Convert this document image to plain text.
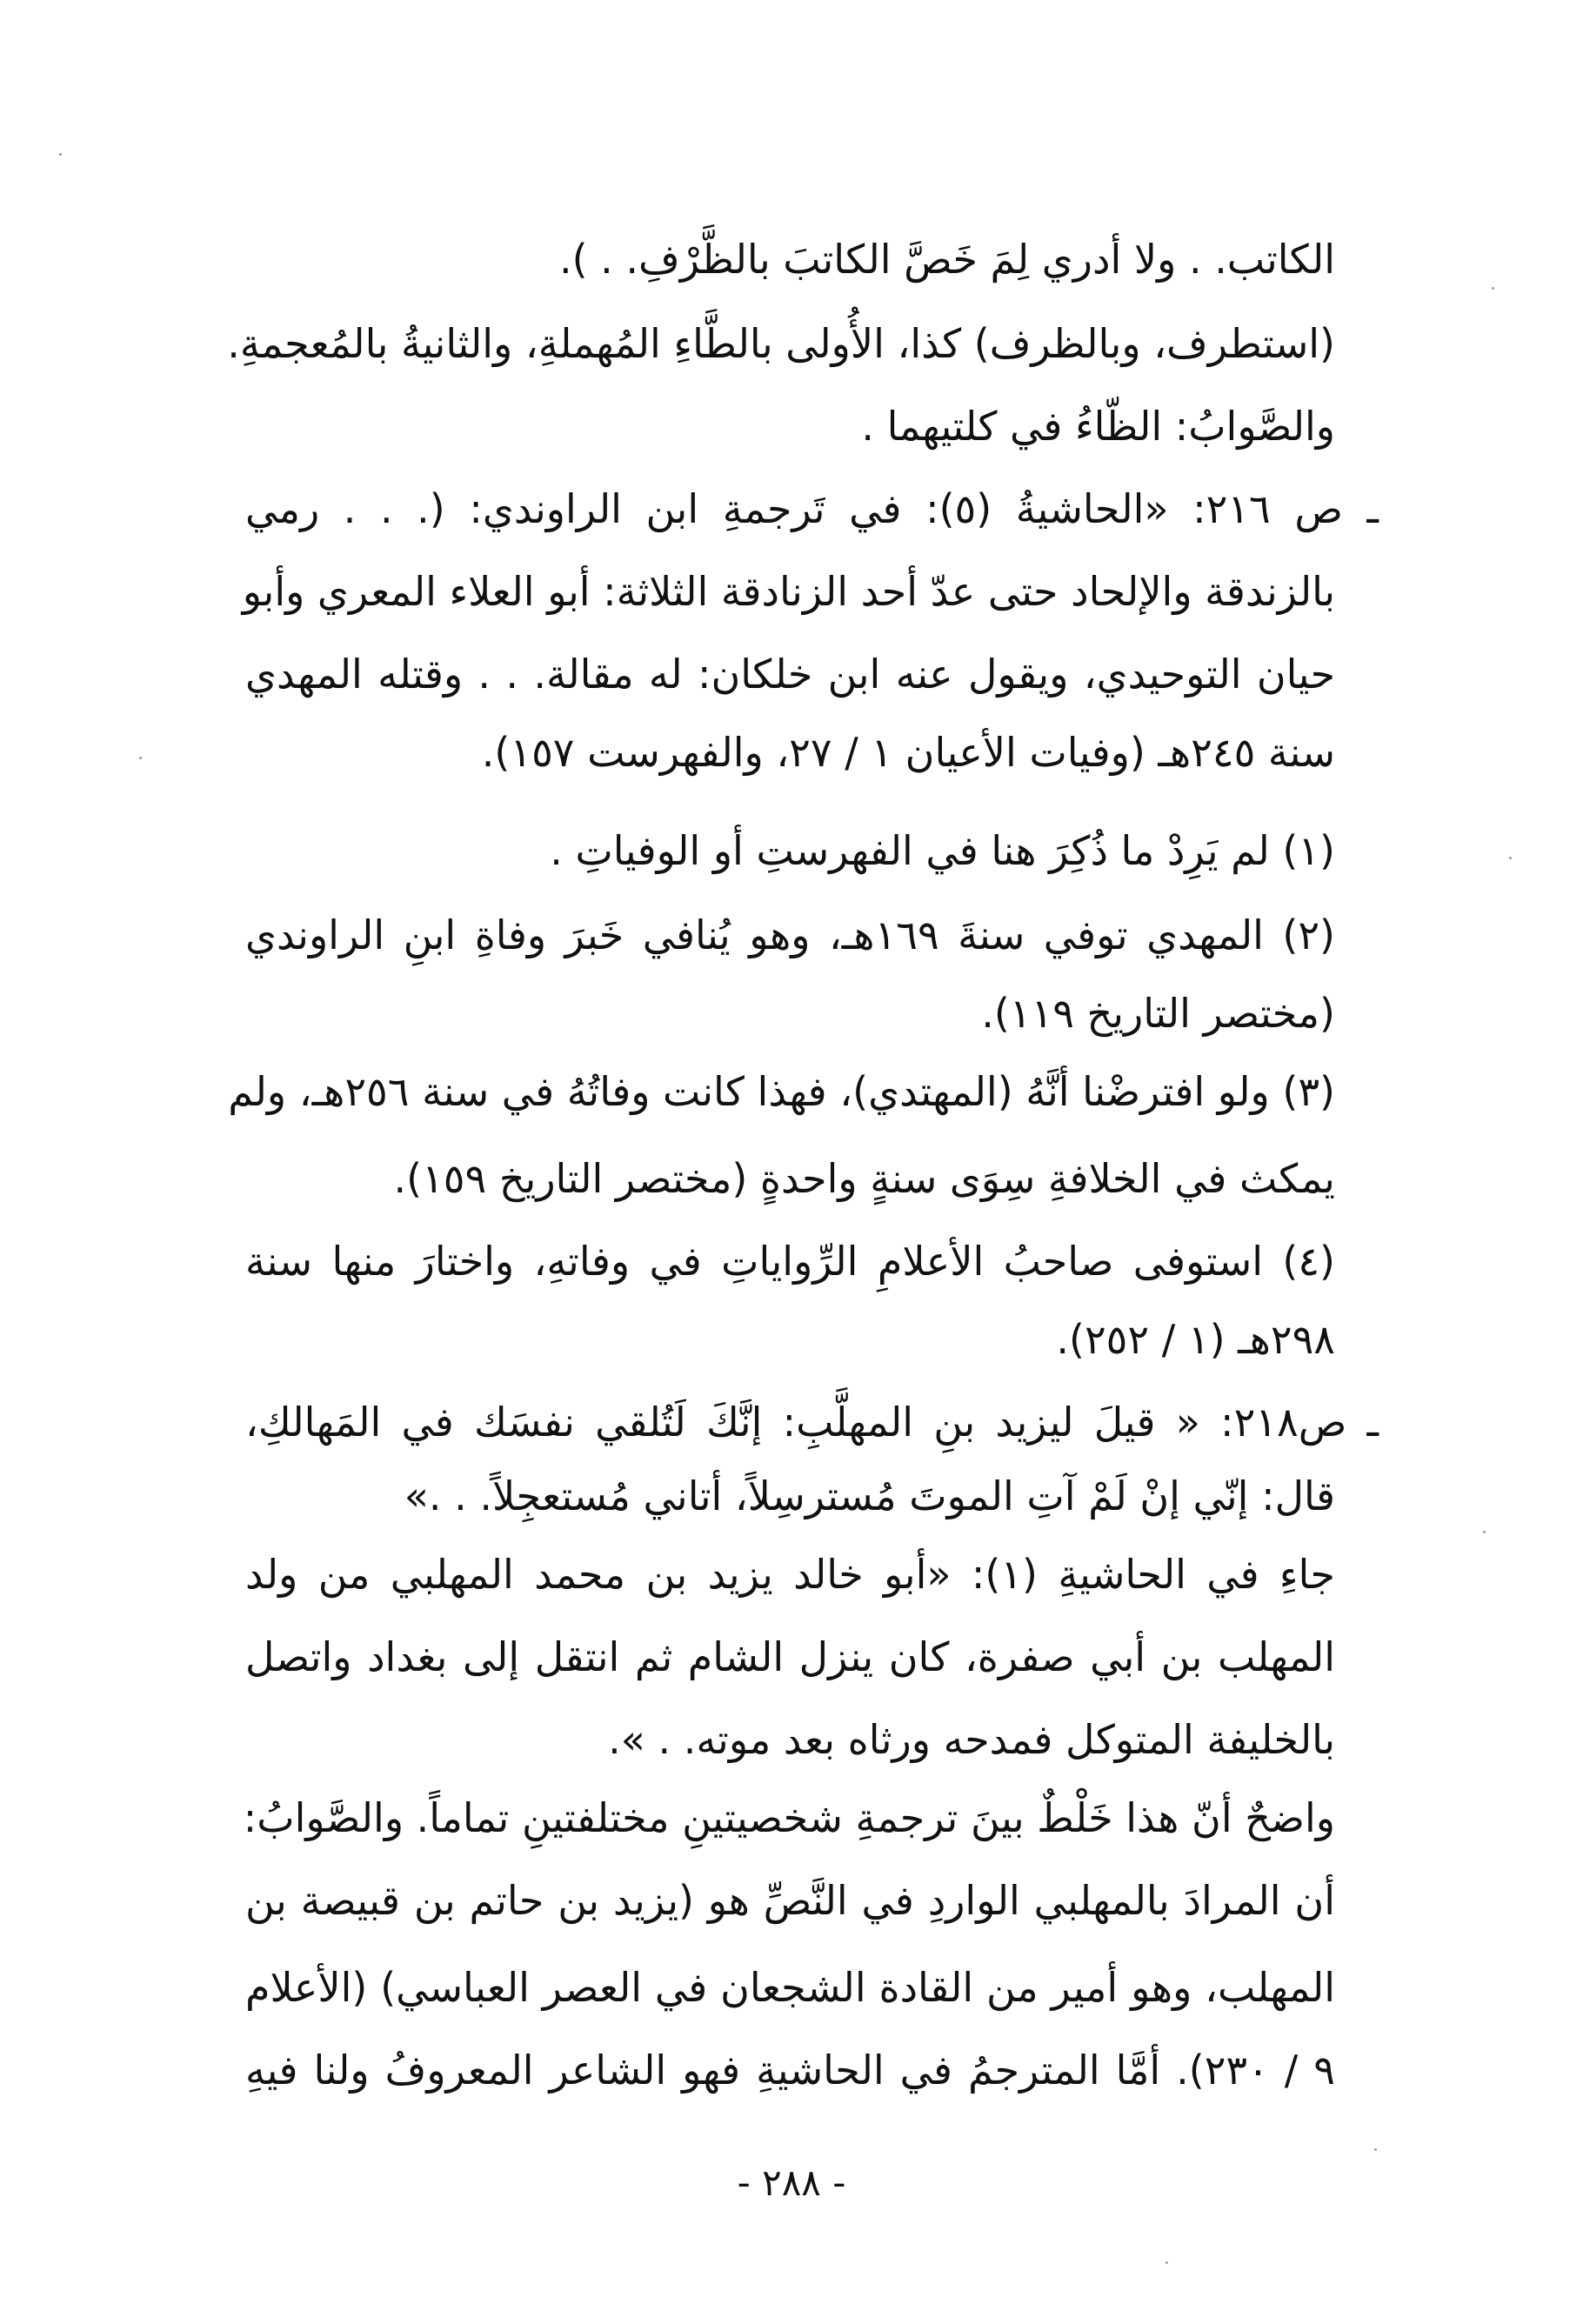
الكاتب. . ولا أدري لِمَ خَصَّ الكاتبَ بالظَّرْفِ. . ).
(استطرف، وبالظرف) كذا، الأُولى بالطَّاءِ المُهملةِ، والثانيةُ بالمُعجمةِ.
والصَّوابُ: الظّاءُ في كلتيهما .
ـ ص ٢١٦: «الحاشيةُ (٥): في تَرجمةِ ابن الراوندي: (. . . رمي
بالزندقة والإلحاد حتى عدّ أحد الزنادقة الثلاثة: أبو العلاء المعري وأبو
حيان التوحيدي، ويقول عنه ابن خلكان: له مقالة. . . وقتله المهدي
سنة ٢٤٥هـ (وفيات الأعيان ١ / ٢٧، والفهرست ١٥٧).
(١) لم يَرِدْ ما ذُكِرَ هنا في الفهرستِ أو الوفياتِ .
(٢) المهدي توفي سنةَ ١٦٩هـ، وهو يُنافي خَبرَ وفاةِ ابنِ الراوندي
(مختصر التاريخ ١١٩).
(٣) ولو افترضْنا أنَّهُ (المهتدي)، فهذا كانت وفاتُهُ في سنة ٢٥٦هـ، ولم
يمكث في الخلافةِ سِوَى سنةٍ واحدةٍ (مختصر التاريخ ١٥٩).
(٤) استوفى صاحبُ الأعلامِ الرِّواياتِ في وفاتهِ، واختارَ منها سنة
٢٩٨هـ (١ / ٢٥٢).
ـ ص٢١٨: « قيلَ ليزيد بنِ المهلَّبِ: إنَّكَ لَتُلقي نفسَك في المَهالكِ،
قال: إنّي إنْ لَمْ آتِ الموتَ مُسترسِلاً، أتاني مُستعجِلاً. . .»
جاءِ في الحاشيةِ (١): «أبو خالد يزيد بن محمد المهلبي من ولد
المهلب بن أبي صفرة، كان ينزل الشام ثم انتقل إلى بغداد واتصل
بالخليفة المتوكل فمدحه ورثاه بعد موته. . ».
واضحٌ أنّ هذا خَلْطٌ بينَ ترجمةِ شخصيتينِ مختلفتينِ تماماً. والصَّوابُ:
أن المرادَ بالمهلبي الواردِ في النَّصِّ هو (يزيد بن حاتم بن قبيصة بن
المهلب، وهو أمير من القادة الشجعان في العصر العباسي) (الأعلام
٩ / ٢٣٠). أمَّا المترجمُ في الحاشيةِ فهو الشاعر المعروفُ ولنا فيهِ
- ٢٨٨ -
